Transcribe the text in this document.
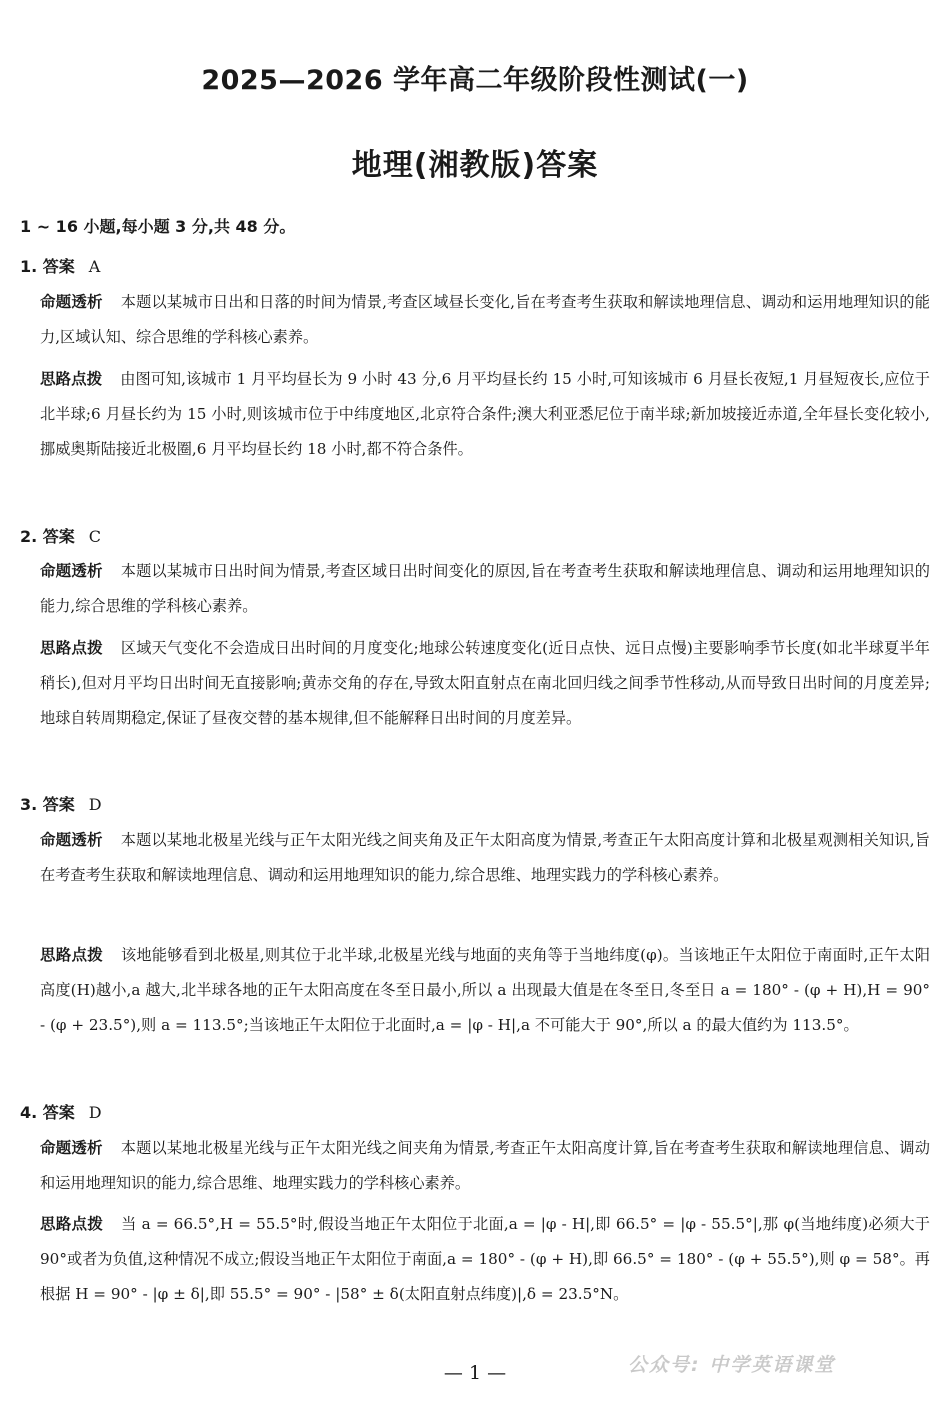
2025—2026 学年高二年级阶段性测试(一)
地理(湘教版)答案
1 ~ 16 小题,每小题 3 分,共 48 分。
1. 答案 A
命题透析 本题以某城市日出和日落的时间为情景,考查区域昼长变化,旨在考查考生获取和解读地理信息、调动和运用地理知识的能力,区域认知、综合思维的学科核心素养。
思路点拨 由图可知,该城市 1 月平均昼长为 9 小时 43 分,6 月平均昼长约 15 小时,可知该城市 6 月昼长夜短,1 月昼短夜长,应位于北半球;6 月昼长约为 15 小时,则该城市位于中纬度地区,北京符合条件;澳大利亚悉尼位于南半球;新加坡接近赤道,全年昼长变化较小,挪威奥斯陆接近北极圈,6 月平均昼长约 18 小时,都不符合条件。
2. 答案 C
命题透析 本题以某城市日出时间为情景,考查区域日出时间变化的原因,旨在考查考生获取和解读地理信息、调动和运用地理知识的能力,综合思维的学科核心素养。
思路点拨 区域天气变化不会造成日出时间的月度变化;地球公转速度变化(近日点快、远日点慢)主要影响季节长度(如北半球夏半年稍长),但对月平均日出时间无直接影响;黄赤交角的存在,导致太阳直射点在南北回归线之间季节性移动,从而导致日出时间的月度差异;地球自转周期稳定,保证了昼夜交替的基本规律,但不能解释日出时间的月度差异。
3. 答案 D
命题透析 本题以某地北极星光线与正午太阳光线之间夹角及正午太阳高度为情景,考查正午太阳高度计算和北极星观测相关知识,旨在考查考生获取和解读地理信息、调动和运用地理知识的能力,综合思维、地理实践力的学科核心素养。
思路点拨 该地能够看到北极星,则其位于北半球,北极星光线与地面的夹角等于当地纬度(φ)。当该地正午太阳位于南面时,正午太阳高度(H)越小,a 越大,北半球各地的正午太阳高度在冬至日最小,所以 a 出现最大值是在冬至日,冬至日 a = 180° - (φ + H),H = 90° - (φ + 23.5°),则 a = 113.5°;当该地正午太阳位于北面时,a = |φ - H|,a 不可能大于 90°,所以 a 的最大值约为 113.5°。
4. 答案 D
命题透析 本题以某地北极星光线与正午太阳光线之间夹角为情景,考查正午太阳高度计算,旨在考查考生获取和解读地理信息、调动和运用地理知识的能力,综合思维、地理实践力的学科核心素养。
思路点拨 当 a = 66.5°,H = 55.5°时,假设当地正午太阳位于北面,a = |φ - H|,即 66.5° = |φ - 55.5°|,那 φ(当地纬度)必须大于 90°或者为负值,这种情况不成立;假设当地正午太阳位于南面,a = 180° - (φ + H),即 66.5° = 180° - (φ + 55.5°),则 φ = 58°。再根据 H = 90° - |φ ± δ|,即 55.5° = 90° - |58° ± δ(太阳直射点纬度)|,δ = 23.5°N。
— 1 —	公众号: 中学英语课堂
